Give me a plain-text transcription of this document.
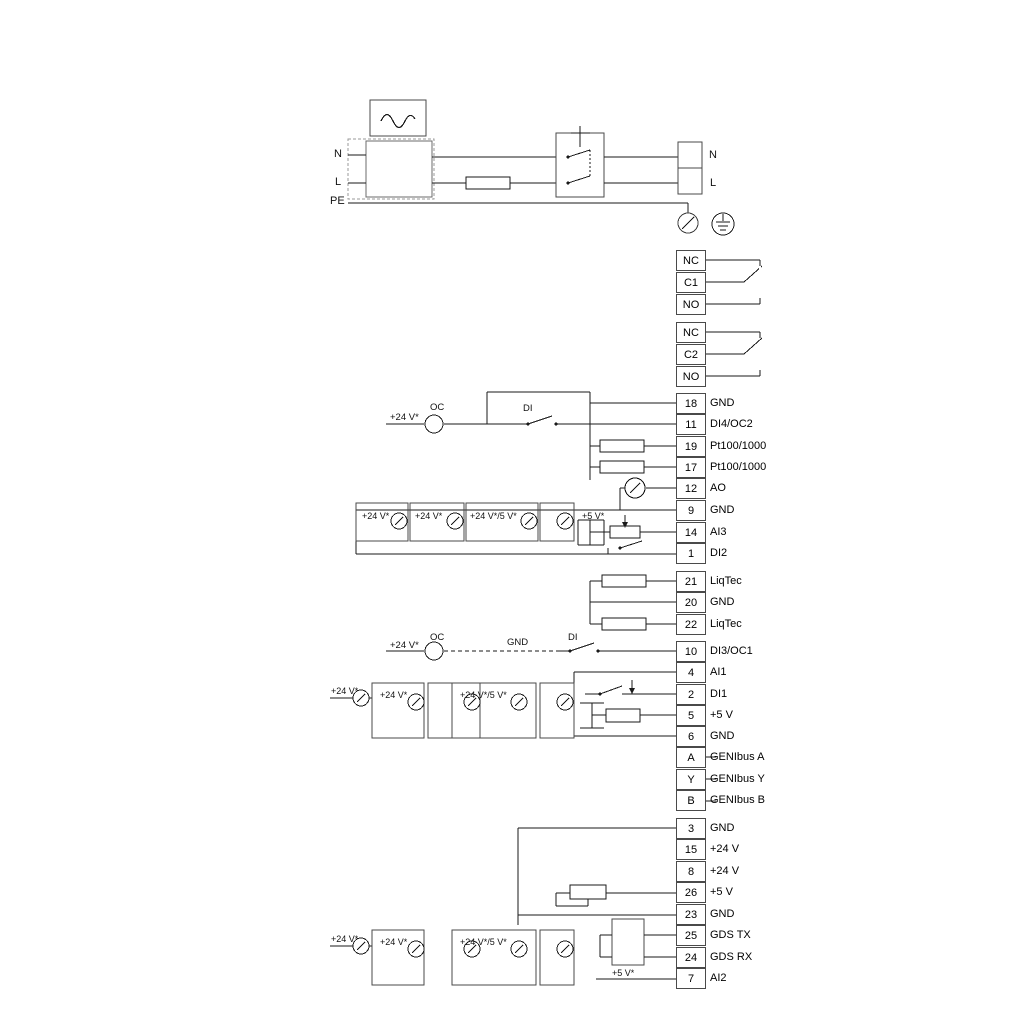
NC
C1
NO
NC
C2
NO
18 GND
11 DI4/OC2
19 Pt100/1000
17 Pt100/1000
12 AO
9 GND
14 AI3
1 DI2
21 LiqTec
20 GND
22 LiqTec
10 DI3/OC1
4 AI1
2 DI1
5 +5 V
6 GND
A GENIbus A
Y GENIbus Y
B GENIbus B
3 GND
15 +24 V
8 +24 V
26 +5 V
23 GND
25 GDS TX
24 GDS RX
7 AI2
N
L
PE
N
L
OC	DI
+24 V*
+24 V*	+24 V*	+24 V*/5 V*	+5 V*
OC
+24 V*	GND	DI
+24 V* +24 V*	+24 V*/5 V*
+24 V* +24 V*	+24 V*/5 V*
+5 V*
